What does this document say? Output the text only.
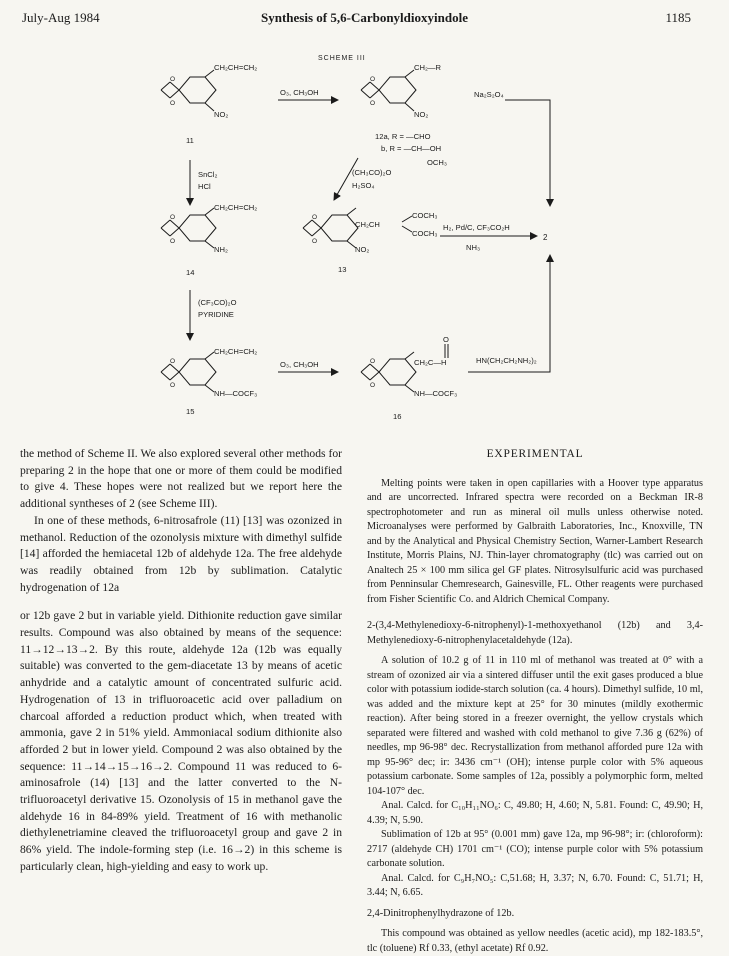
July-Aug 1984	Synthesis of 5,6-Carbonyldioxyindole	1185
SCHEME III
O
O
CH₂CH=CH₂
NO₂
11
O₃, CH₃OH
O
O
CH₂—R
NO₂
12a, R = —CHO
b, R = —CH—OH
OCH₃
Na₂S₂O₄
SnCl₂
HCl
(CH₃CO)₂O
H₂SO₄
O
O
CH₂CH=CH₂
NH₂
14
O
O
CH₂CH
COCH₃
COCH₃
NO₂
13
H₂, Pd/C, CF₃CO₂H
NH₃
2
(CF₃CO)₂O
PYRIDINE
O
O
CH₂CH=CH₂
NH—COCF₃
15
O₃, CH₃OH	O
O
O
CH₂C—H
NH—COCF₃
16
HN(CH₂CH₂NH₂)₂

the method of Scheme II. We also explored several other methods for preparing 2 in the hope that one or more of them could be modified to give 4. These hopes were not realized but we report here the additional syntheses of 2 (see Scheme III).

In one of these methods, 6-nitrosafrole (11) [13] was ozonized in methanol. Reduction of the ozonolysis mixture with dimethyl sulfide [14] afforded the hemiacetal 12b of aldehyde 12a. The free aldehyde was readily obtained from 12b by sublimation. Catalytic hydrogenation of 12a

or 12b gave 2 but in variable yield. Dithionite reduction gave similar results. Compound was also obtained by means of the sequence: 11→12→13→2. By this route, aldehyde 12a (12b was equally suitable) was converted to the gem-diacetate 13 by means of acetic anhydride and a catalytic amount of concentrated sulfuric acid. Hydrogenation of 13 in trifluoroacetic acid over palladium on charcoal afforded a reduction product which, when treated with ammonia, gave 2 in 51% yield. Ammoniacal sodium dithionite also afforded 2 but in lower yield. Compound 2 was also obtained by the sequence: 11→14→15→16→2. Compound 11 was reduced to 6-aminosafrole (14) [13] and the latter converted to the N-trifluoroacetyl derivative 15. Ozonolysis of 15 in methanol gave the aldehyde 16 in 84-89% yield. Treatment of 16 with methanolic diethylenetriamine cleaved the trifluoroacetyl group and gave 2 in 86% yield. The indole-forming step (i.e. 16→2) in this scheme is particularly clean, high-yielding and easy to work up.

EXPERIMENTAL

Melting points were taken in open capillaries with a Hoover type apparatus and are uncorrected. Infrared spectra were recorded on a Beckman IR-8 spectrophotometer and run as mineral oil mulls unless otherwise noted. Microanalyses were performed by Galbraith Laboratories, Inc., Knoxville, TN and by the Analytical and Physical Chemistry Section, Warner-Lambert Research Institute, Morris Plains, NJ. Thin-layer chromatography (tlc) was carried out on Analtech 25 × 100 mm silica gel GF plates. Nitrosylsulfuric acid was purchased from Penninsular Chemresearch, Gainesville, FL. Other reagents were purchased from Fisher Scientific Co. and Aldrich Chemical Company.

2-(3,4-Methylenedioxy-6-nitrophenyl)-1-methoxyethanol (12b) and 3,4-Methylenedioxy-6-nitrophenylacetaldehyde (12a).

A solution of 10.2 g of 11 in 110 ml of methanol was treated at 0° with a stream of ozonized air via a sintered diffuser until the exit gases produced a blue color with potassium iodide-starch solution (ca. 4 hours). Dimethyl sulfide, 10 ml, was added and the mixture kept at 25° for 30 minutes (mildly exothermic reaction). After being stored in a freezer overnight, the yellow crystals which separated were filtered and washed with cold methanol to give 7.36 g (62%) of needles, mp 96-98° dec. Recrystallization from methanol afforded pure 12a with mp 95-96° dec; ir: 3436 cm⁻¹ (OH); intense purple color with 5% aqueous potassium carbonate. Some samples of 12a, possibly a polymorphic form, melted 104-107° dec.

Anal. Calcd. for C₁₀H₁₁NO₆: C, 49.80; H, 4.60; N, 5.81. Found: C, 49.90; H, 4.39; N, 5.90.

Sublimation of 12b at 95° (0.001 mm) gave 12a, mp 96-98°; ir: (chloroform): 2717 (aldehyde CH) 1701 cm⁻¹ (CO); intense purple color with 5% potassium carbonate solution.

Anal. Calcd. for C₉H₇NO₅: C,51.68; H, 3.37; N, 6.70. Found: C, 51.71; H, 3.44; N, 6.65.

2,4-Dinitrophenylhydrazone of 12b.

This compound was obtained as yellow needles (acetic acid), mp 182-183.5°, tlc (toluene) Rf 0.33, (ethyl acetate) Rf 0.92.
